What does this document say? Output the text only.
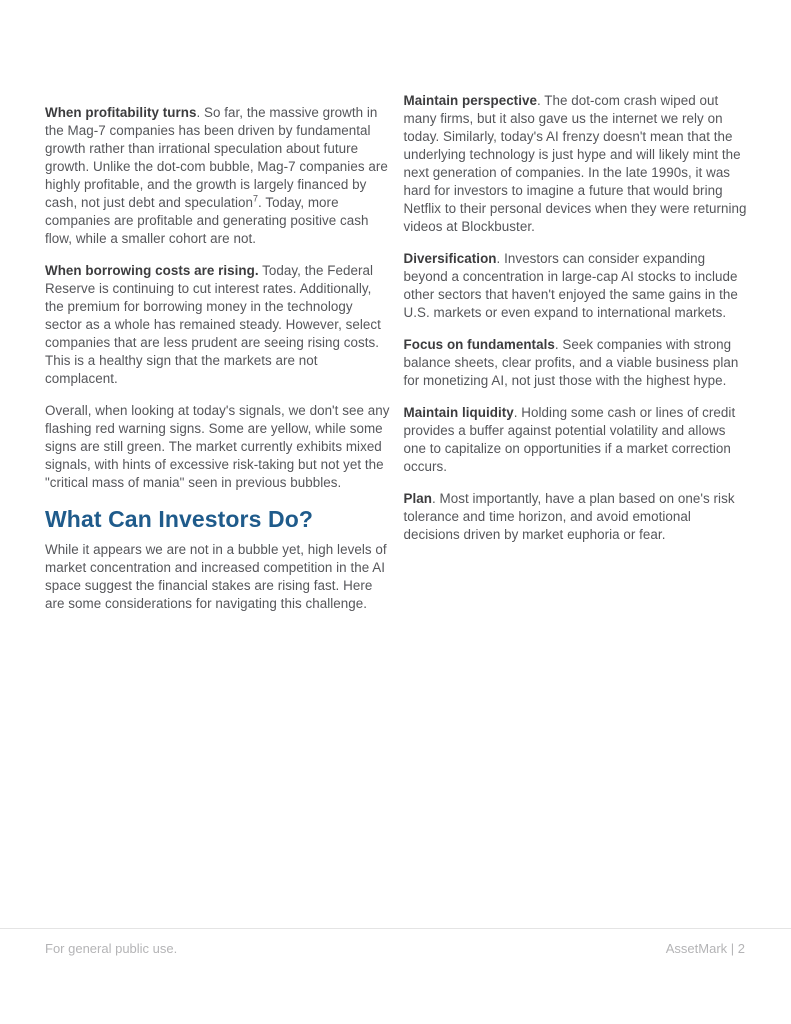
When profitability turns. So far, the massive growth in the Mag-7 companies has been driven by fundamental growth rather than irrational speculation about future growth. Unlike the dot-com bubble, Mag-7 companies are highly profitable, and the growth is largely financed by cash, not just debt and speculation$^7$. Today, more companies are profitable and generating positive cash flow, while a smaller cohort are not.

When borrowing costs are rising. Today, the Federal Reserve is continuing to cut interest rates. Additionally, the premium for borrowing money in the technology sector as a whole has remained steady. However, select companies that are less prudent are seeing rising costs. This is a healthy sign that the markets are not complacent.

Overall, when looking at today's signals, we don't see any flashing red warning signs. Some are yellow, while some signs are still green. The market currently exhibits mixed signals, with hints of excessive risk-taking but not yet the "critical mass of mania" seen in previous bubbles.

What Can Investors Do?

While it appears we are not in a bubble yet, high levels of market concentration and increased competition in the AI space suggest the financial stakes are rising fast. Here are some considerations for navigating this challenge.

Maintain perspective. The dot-com crash wiped out many firms, but it also gave us the internet we rely on today. Similarly, today's AI frenzy doesn't mean that the underlying technology is just hype and will likely mint the next generation of companies. In the late 1990s, it was hard for investors to imagine a future that would bring Netflix to their personal devices when they were returning videos at Blockbuster.

Diversification. Investors can consider expanding beyond a concentration in large-cap AI stocks to include other sectors that haven't enjoyed the same gains in the U.S. markets or even expand to international markets.

Focus on fundamentals. Seek companies with strong balance sheets, clear profits, and a viable business plan for monetizing AI, not just those with the highest hype.

Maintain liquidity. Holding some cash or lines of credit provides a buffer against potential volatility and allows one to capitalize on opportunities if a market correction occurs.

Plan. Most importantly, have a plan based on one's risk tolerance and time horizon, and avoid emotional decisions driven by market euphoria or fear.

For general public use.	AssetMark | 2
